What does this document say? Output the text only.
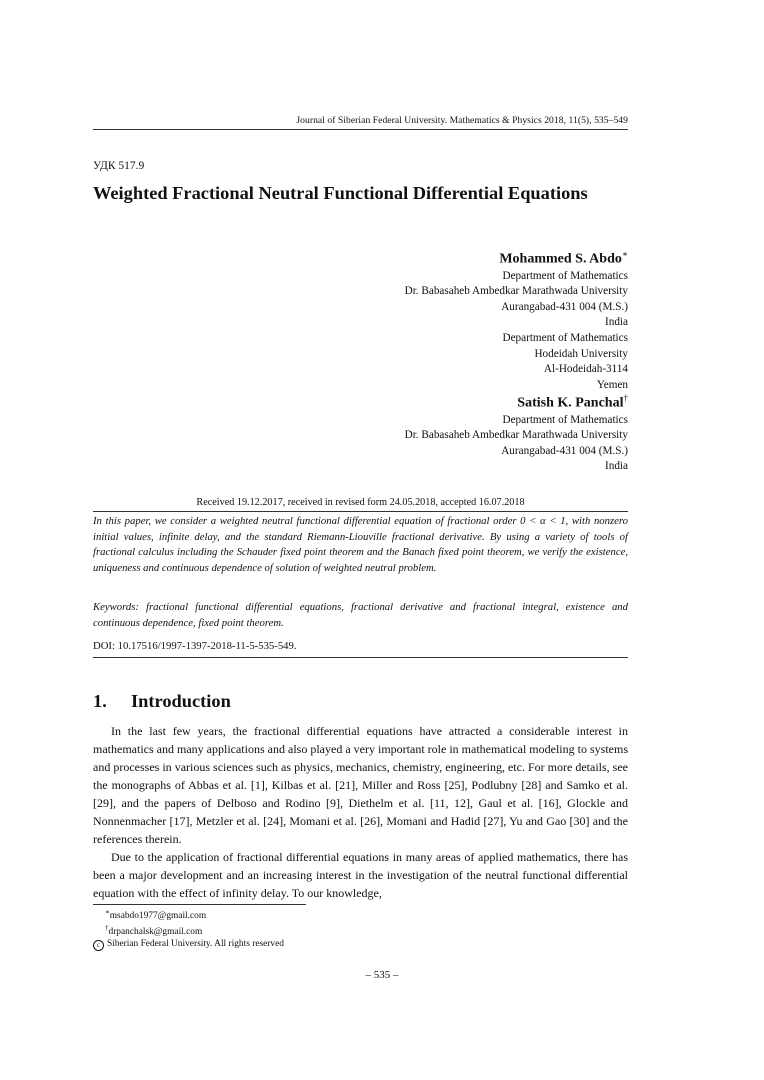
Journal of Siberian Federal University. Mathematics & Physics 2018, 11(5), 535–549
УДК 517.9
Weighted Fractional Neutral Functional Differential Equations
Mohammed S. Abdo∗
Department of Mathematics
Dr. Babasaheb Ambedkar Marathwada University
Aurangabad-431 004 (M.S.)
India
Department of Mathematics
Hodeidah University
Al-Hodeidah-3114
Yemen
Satish K. Panchal†
Department of Mathematics
Dr. Babasaheb Ambedkar Marathwada University
Aurangabad-431 004 (M.S.)
India
Received 19.12.2017, received in revised form 24.05.2018, accepted 16.07.2018
In this paper, we consider a weighted neutral functional differential equation of fractional order 0 < α < 1, with nonzero initial values, infinite delay, and the standard Riemann-Liouville fractional derivative. By using a variety of tools of fractional calculus including the Schauder fixed point theorem and the Banach fixed point theorem, we verify the existence, uniqueness and continuous dependence of solution of weighted neutral problem.
Keywords: fractional functional differential equations, fractional derivative and fractional integral, existence and continuous dependence, fixed point theorem.
DOI: 10.17516/1997-1397-2018-11-5-535-549.
1. Introduction

In the last few years, the fractional differential equations have attracted a considerable interest in mathematics and many applications and also played a very important role in mathematical modeling to systems and processes in various sciences such as physics, mechanics, chemistry, engineering, etc. For more details, see the monographs of Abbas et al. [1], Kilbas et al. [21], Miller and Ross [25], Podlubny [28] and Samko et al. [29], and the papers of Delboso and Rodino [9], Diethelm et al. [11, 12], Gaul et al. [16], Glockle and Nonnenmacher [17], Metzler et al. [24], Momani et al. [26], Momani and Hadid [27], Yu and Gao [30] and the references therein.

Due to the application of fractional differential equations in many areas of applied mathematics, there has been a major development and an increasing interest in the investigation of the neutral functional differential equation with the effect of infinity delay. To our knowledge,

∗msabdo1977@gmail.com
†drpanchalsk@gmail.com
c Siberian Federal University. All rights reserved
– 535 –
